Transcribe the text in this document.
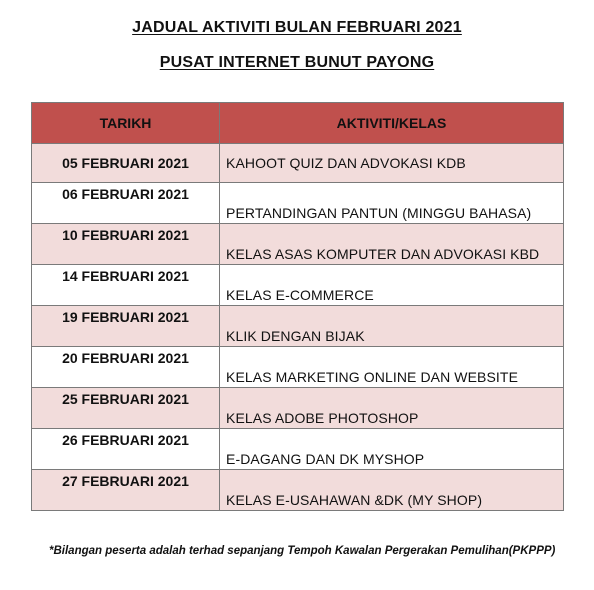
JADUAL AKTIVITI BULAN FEBRUARI 2021
PUSAT INTERNET BUNUT PAYONG
TARIKH	AKTIVITI/KELAS
05 FEBRUARI 2021	KAHOOT QUIZ DAN ADVOKASI KDB
06 FEBRUARI 2021	PERTANDINGAN PANTUN (MINGGU BAHASA)
10 FEBRUARI 2021	KELAS ASAS KOMPUTER DAN ADVOKASI KBD
14 FEBRUARI 2021	KELAS E-COMMERCE
19 FEBRUARI 2021	KLIK DENGAN BIJAK
20 FEBRUARI 2021	KELAS MARKETING ONLINE DAN WEBSITE
25 FEBRUARI 2021	KELAS ADOBE PHOTOSHOP
26 FEBRUARI 2021	E-DAGANG DAN DK MYSHOP
27 FEBRUARI 2021	KELAS E-USAHAWAN &DK (MY SHOP)
*Bilangan peserta adalah terhad sepanjang Tempoh Kawalan Pergerakan Pemulihan(PKPPP)
